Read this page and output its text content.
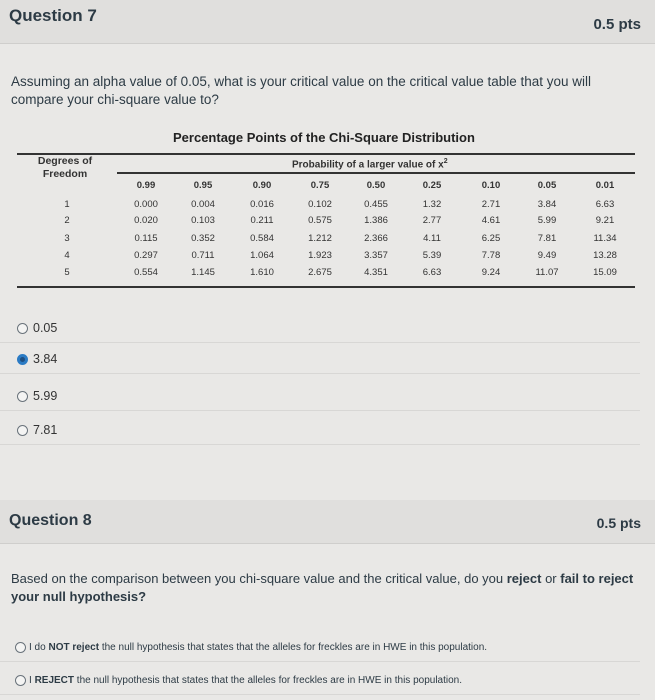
Question 7	0.5 pts
Assuming an alpha value of 0.05, what is your critical value on the critical value table that you will compare your chi-square value to?
Percentage Points of the Chi-Square Distribution
Degrees of
Freedom
Probability of a larger value of $x^2$
0.99	0.95	0.90	0.75	0.50	0.25	0.10	0.05	0.01
1	0.000	0.004	0.016	0.102	0.455	1.32	2.71	3.84	6.63
2	0.020	0.103	0.211	0.575	1.386	2.77	4.61	5.99	9.21
3	0.115	0.352	0.584	1.212	2.366	4.11	6.25	7.81	11.34
4	0.297	0.711	1.064	1.923	3.357	5.39	7.78	9.49	13.28
5	0.554	1.145	1.610	2.675	4.351	6.63	9.24	11.07	15.09
0.05
3.84
5.99
7.81
Question 8	0.5 pts
Based on the comparison between you chi-square value and the critical value, do you reject or fail to reject your null hypothesis?
I do NOT reject the null hypothesis that states that the alleles for freckles are in HWE in this population.
I REJECT the null hypothesis that states that the alleles for freckles are in HWE in this population.
